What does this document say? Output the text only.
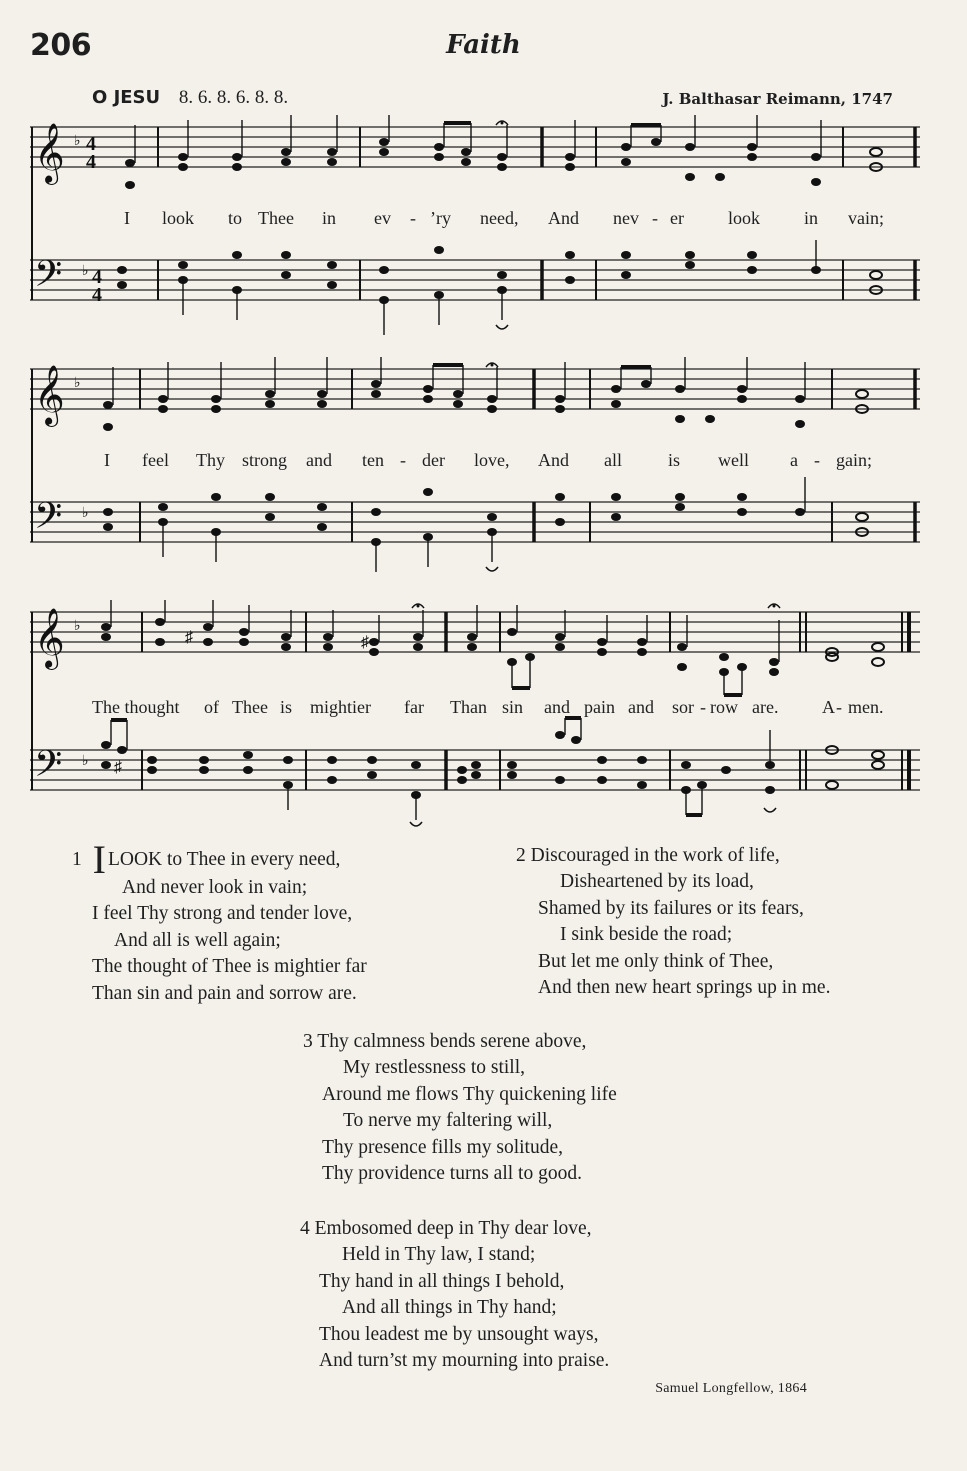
206	Faith
O JESU 8. 6. 8. 6. 8. 8.	J. Balthasar Reimann, 1747
𝄞
𝄢
♭
♭
4
4
4
4
I look to Thee in ev - ’ry need, And nev - er look in vain;
𝄞
𝄢
♭
♭
I feel Thy strong and ten - der love, And all	is well a - gain;
𝄞
𝄢
♭
♭
♯	♯
♯
The thought of Thee is mightier far Than sin and pain and sor - row are. A - men.
1 I LOOK to Thee in every need,
And never look in vain;
I feel Thy strong and tender love,
And all is well again;
The thought of Thee is mightier far
Than sin and pain and sorrow are.
2 Discouraged in the work of life,
Disheartened by its load,
Shamed by its failures or its fears,
I sink beside the road;
But let me only think of Thee,
And then new heart springs up in me.
3 Thy calmness bends serene above,
My restlessness to still,
Around me flows Thy quickening life
To nerve my faltering will,
Thy presence fills my solitude,
Thy providence turns all to good.
4 Embosomed deep in Thy dear love,
Held in Thy law, I stand;
Thy hand in all things I behold,
And all things in Thy hand;
Thou leadest me by unsought ways,
And turn’st my mourning into praise.
Samuel Longfellow, 1864
